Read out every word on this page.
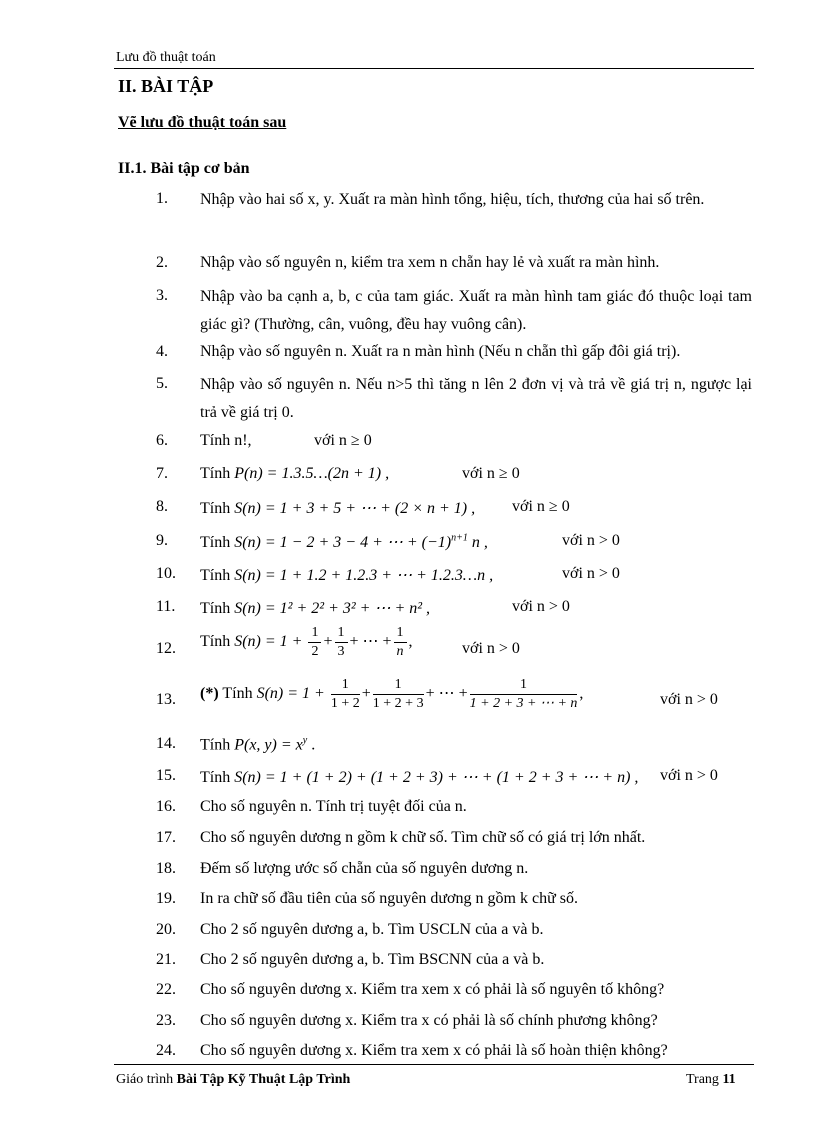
Lưu đồ thuật toán
II. BÀI TẬP
Vẽ lưu đồ thuật toán sau
II.1. Bài tập cơ bản
1. Nhập vào hai số x, y. Xuất ra màn hình tổng, hiệu, tích, thương của hai số trên.
2. Nhập vào số nguyên n, kiểm tra xem n chẵn hay lẻ và xuất ra màn hình.
3. Nhập vào ba cạnh a, b, c của tam giác. Xuất ra màn hình tam giác đó thuộc loại tam giác gì? (Thường, cân, vuông, đều hay vuông cân).
4. Nhập vào số nguyên n. Xuất ra n màn hình (Nếu n chẵn thì gấp đôi giá trị).
5. Nhập vào số nguyên n. Nếu n>5 thì tăng n lên 2 đơn vị và trả về giá trị n, ngược lại trả về giá trị 0.
6. Tính n!,	với n ≥ 0
7. Tính P(n) = 1.3.5…(2n + 1) ,	với n ≥ 0
8. Tính S(n) = 1 + 3 + 5 + ⋯ + (2 × n + 1) , với n ≥ 0
9. Tính S(n) = 1 − 2 + 3 − 4 + ⋯ + $(-1)^{n+1}$ n ,	với n > 0
10. Tính S(n) = 1 + 1.2 + 1.2.3 + ⋯ + 1.2.3…n ,	với n > 0
11. Tính S(n) = 1² + 2² + 3² + ⋯ + n² ,	với n > 0
12. Tính $S(n) = 1 + \frac{1}{2} + \frac{1}{3}$ + ⋯ + $\frac{1}{n}$ ,	với n > 0
13. (*) Tính $S(n) = 1 + \frac{1}{1 + 2} + \frac{1}{1 + 2 + 3}$ + ⋯ + $\frac{1}{1 + 2 + 3 + \cdots + n}$ ,	với n > 0
14. Tính P(x, $y) = x^y$ .
15. Tính S(n) = 1 + (1 + 2) + (1 + 2 + 3) + ⋯ + (1 + 2 + 3 + ⋯ + n) , với n > 0
16. Cho số nguyên n. Tính trị tuyệt đối của n.
17. Cho số nguyên dương n gồm k chữ số. Tìm chữ số có giá trị lớn nhất.
18. Đếm số lượng ước số chẵn của số nguyên dương n.
19. In ra chữ số đầu tiên của số nguyên dương n gồm k chữ số.
20. Cho 2 số nguyên dương a, b. Tìm USCLN của a và b.
21. Cho 2 số nguyên dương a, b. Tìm BSCNN của a và b.
22. Cho số nguyên dương x. Kiểm tra xem x có phải là số nguyên tố không?
23. Cho số nguyên dương x. Kiểm tra x có phải là số chính phương không?
24. Cho số nguyên dương x. Kiểm tra xem x có phải là số hoàn thiện không?
Giáo trình Bài Tập Kỹ Thuật Lập Trình	Trang 11
